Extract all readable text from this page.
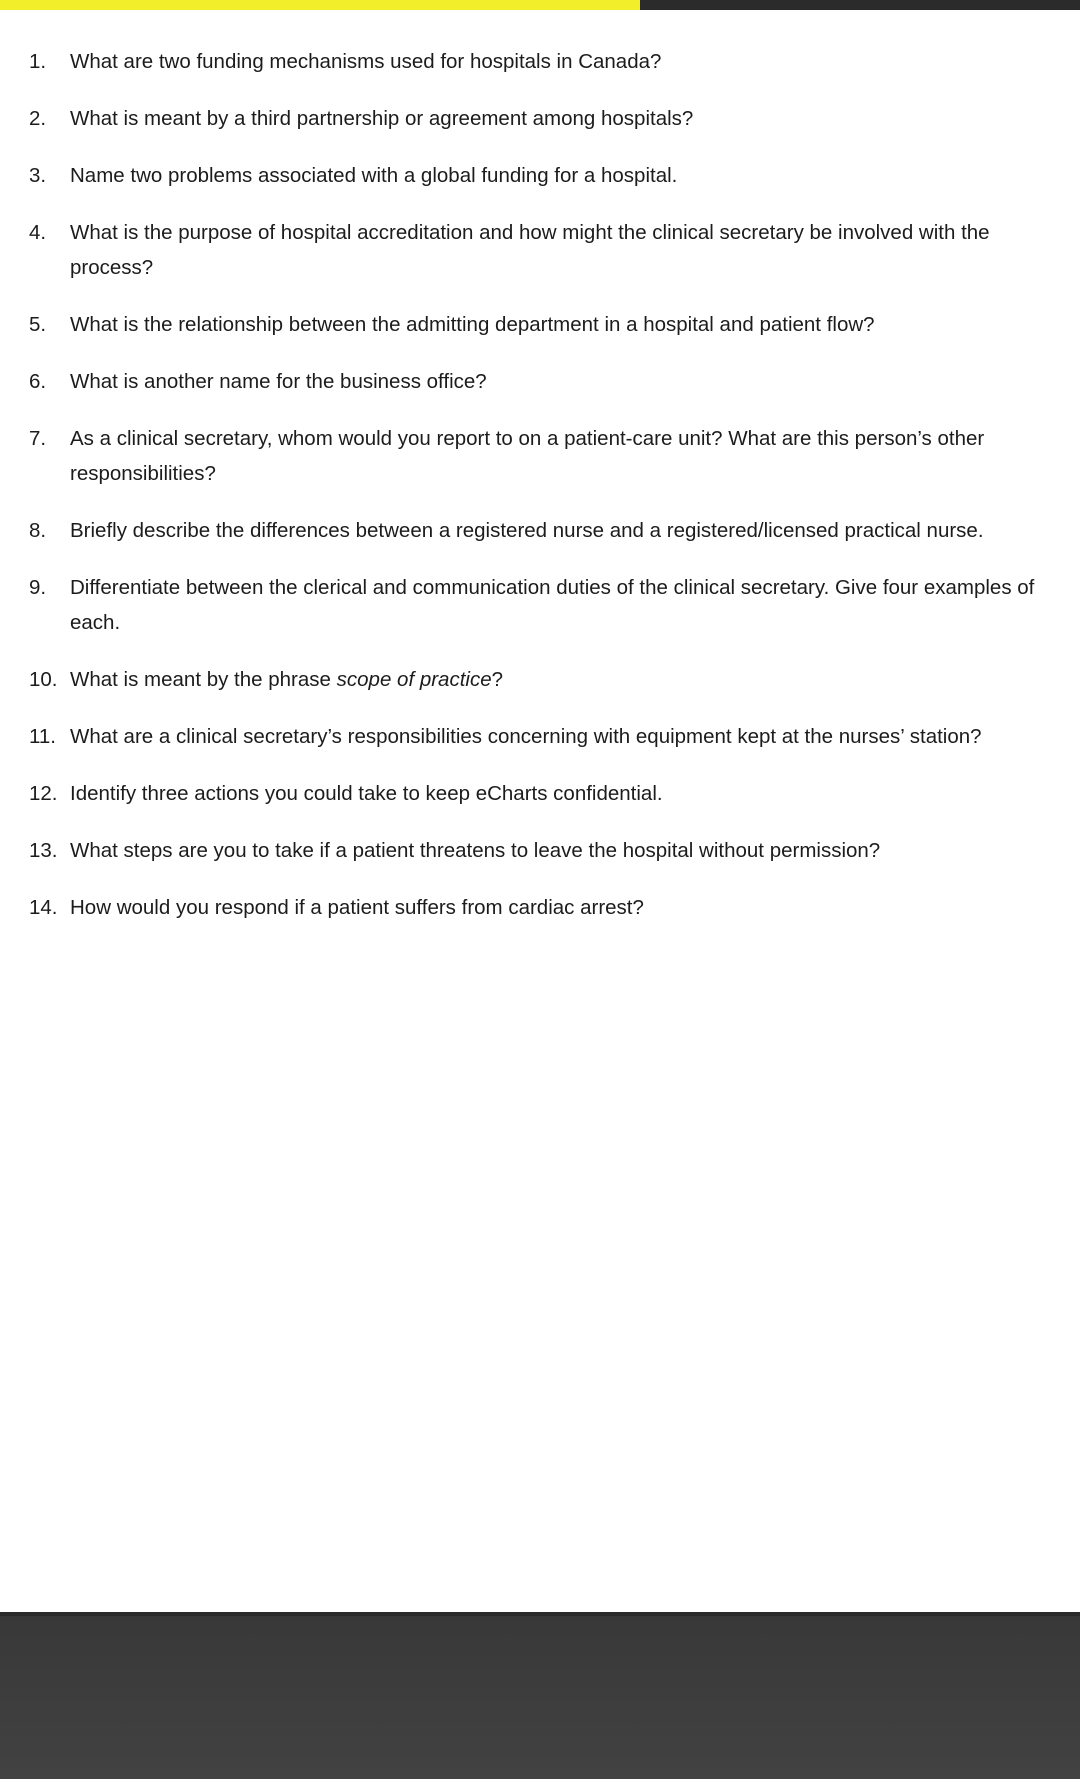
1. What are two funding mechanisms used for hospitals in Canada?
2. What is meant by a third partnership or agreement among hospitals?
3. Name two problems associated with a global funding for a hospital.
4. What is the purpose of hospital accreditation and how might the clinical secretary be involved with the process?
5. What is the relationship between the admitting department in a hospital and patient flow?
6. What is another name for the business office?
7. As a clinical secretary, whom would you report to on a patient-care unit? What are this person’s other responsibilities?
8. Briefly describe the differences between a registered nurse and a registered/licensed practical nurse.
9. Differentiate between the clerical and communication duties of the clinical secretary. Give four examples of each.
10. What is meant by the phrase scope of practice?
11. What are a clinical secretary’s responsibilities concerning with equipment kept at the nurses’ station?
12. Identify three actions you could take to keep eCharts confidential.
13. What steps are you to take if a patient threatens to leave the hospital without permission?
14. How would you respond if a patient suffers from cardiac arrest?
